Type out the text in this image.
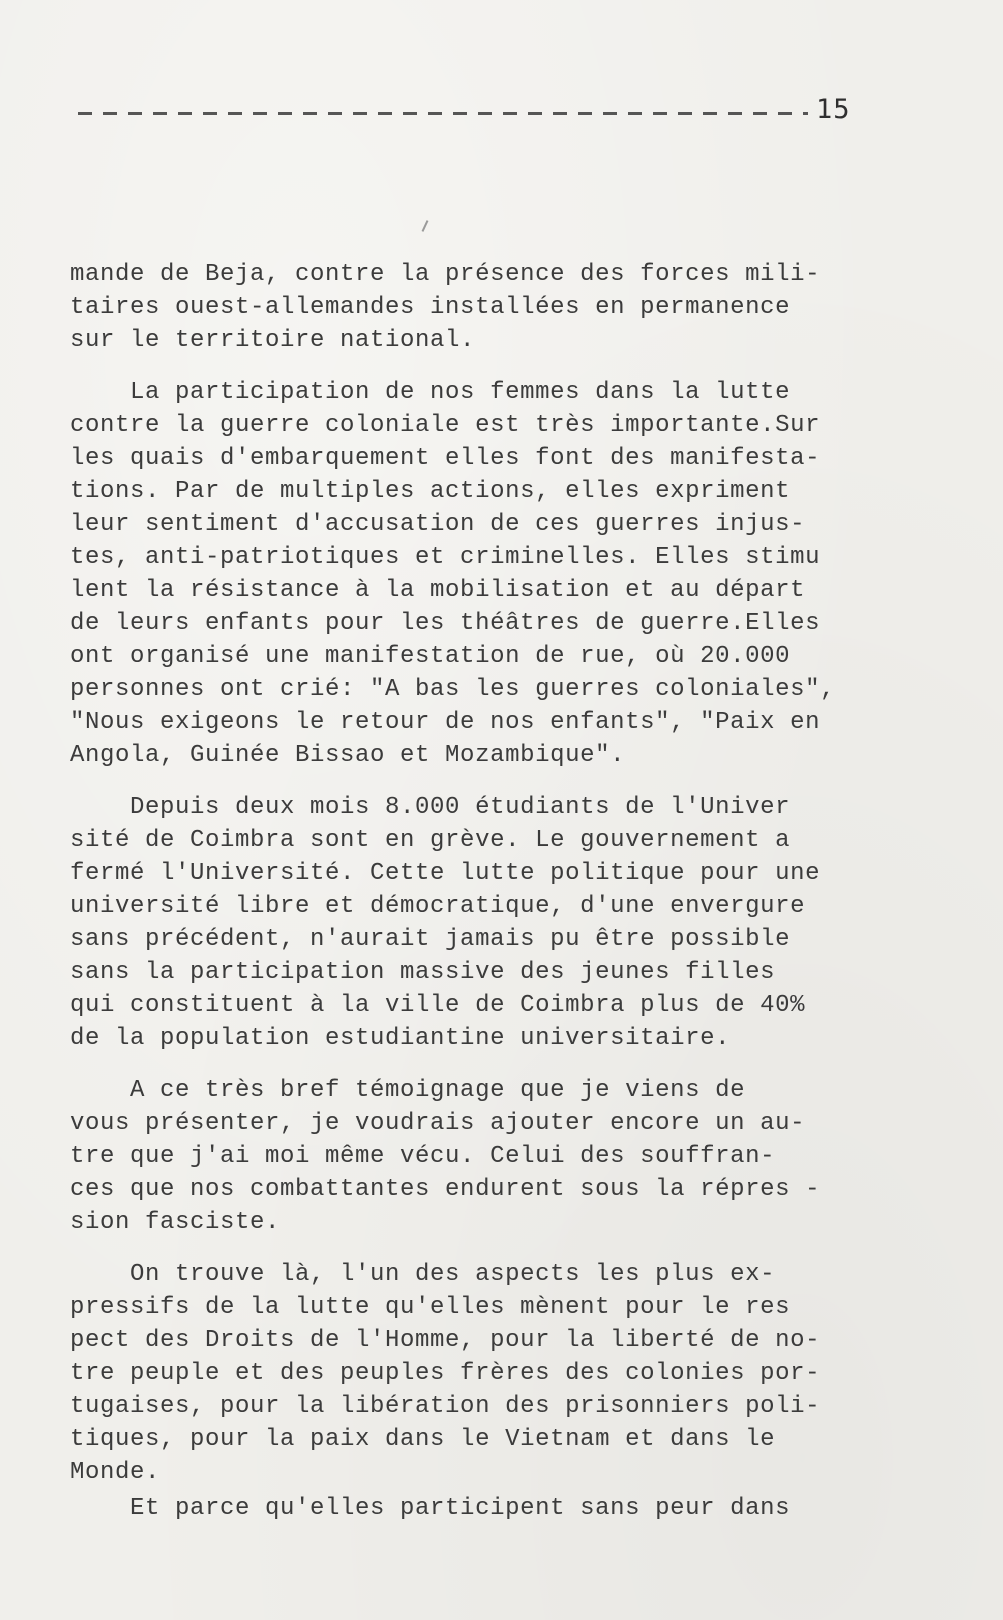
15
mande de Beja, contre la présence des forces mili-
taires ouest-allemandes installées en permanence
sur le territoire national.
La participation de nos femmes dans la lutte
contre la guerre coloniale est très importante.Sur
les quais d'embarquement elles font des manifesta-
tions. Par de multiples actions, elles expriment
leur sentiment d'accusation de ces guerres injus-
tes, anti-patriotiques et criminelles. Elles stimu
lent la résistance à la mobilisation et au départ
de leurs enfants pour les théâtres de guerre.Elles
ont organisé une manifestation de rue, où 20.000
personnes ont crié: "A bas les guerres coloniales",
"Nous exigeons le retour de nos enfants", "Paix en
Angola, Guinée Bissao et Mozambique".
Depuis deux mois 8.000 étudiants de l'Univer
sité de Coimbra sont en grève. Le gouvernement a
fermé l'Université. Cette lutte politique pour une
université libre et démocratique, d'une envergure
sans précédent, n'aurait jamais pu être possible
sans la participation massive des jeunes filles
qui constituent à la ville de Coimbra plus de 40%
de la population estudiantine universitaire.
A ce très bref témoignage que je viens de
vous présenter, je voudrais ajouter encore un au-
tre que j'ai moi même vécu. Celui des souffran-
ces que nos combattantes endurent sous la répres -
sion fasciste.
On trouve là, l'un des aspects les plus ex-
pressifs de la lutte qu'elles mènent pour le res
pect des Droits de l'Homme, pour la liberté de no-
tre peuple et des peuples frères des colonies por-
tugaises, pour la libération des prisonniers poli-
tiques, pour la paix dans le Vietnam et dans le
Monde.
Et parce qu'elles participent sans peur dans
